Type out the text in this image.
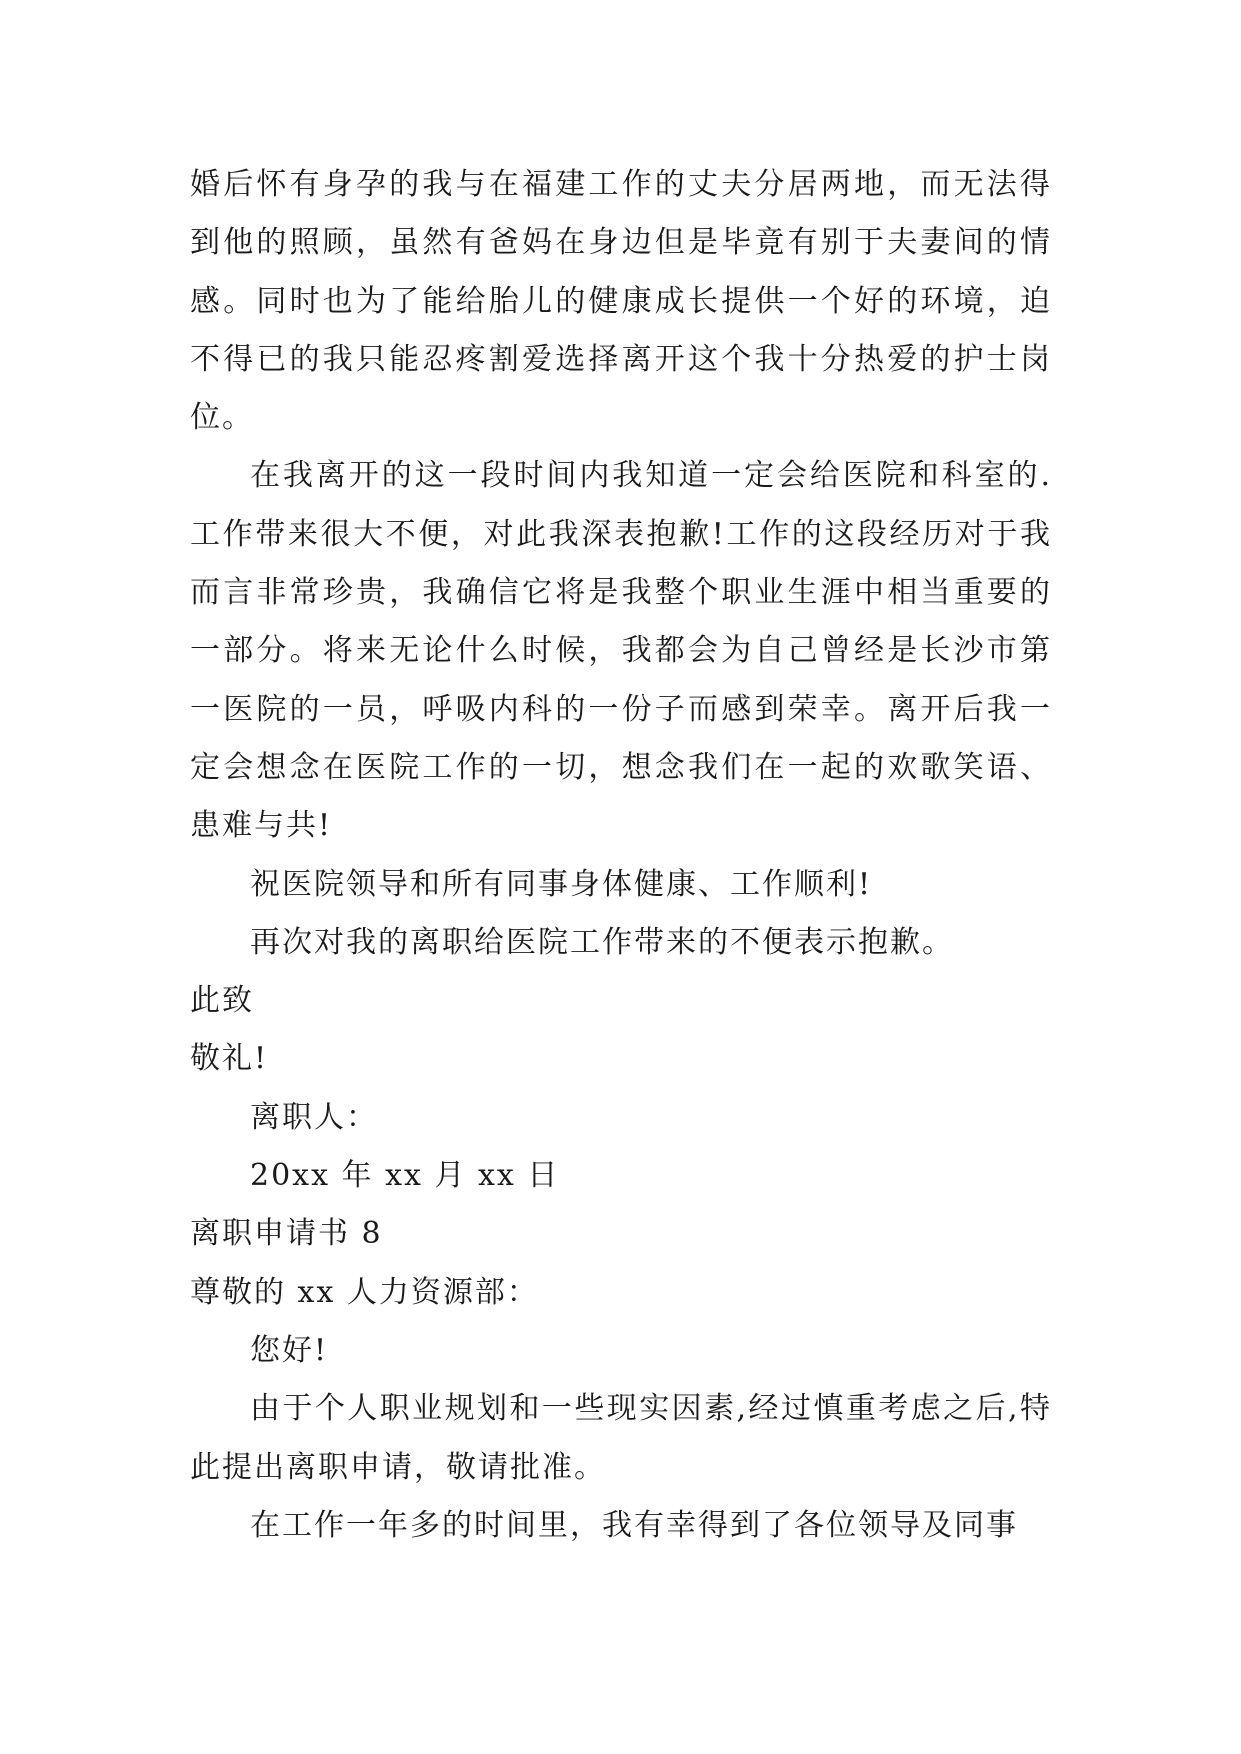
婚后怀有身孕的我与在福建工作的丈夫分居两地，而无法得到他的照顾，虽然有爸妈在身边但是毕竟有别于夫妻间的情感。同时也为了能给胎儿的健康成长提供一个好的环境，迫不得已的我只能忍疼割爱选择离开这个我十分热爱的护士岗位。

在我离开的这一段时间内我知道一定会给医院和科室的.工作带来很大不便，对此我深表抱歉!工作的这段经历对于我而言非常珍贵，我确信它将是我整个职业生涯中相当重要的一部分。将来无论什么时候，我都会为自己曾经是长沙市第一医院的一员，呼吸内科的一份子而感到荣幸。离开后我一定会想念在医院工作的一切，想念我们在一起的欢歌笑语、患难与共!

祝医院领导和所有同事身体健康、工作顺利!

再次对我的离职给医院工作带来的不便表示抱歉。

此致

敬礼!

离职人：

20xx 年 xx 月 xx 日

离职申请书 8

尊敬的 xx 人力资源部：

您好!

由于个人职业规划和一些现实因素,经过慎重考虑之后,特此提出离职申请，敬请批准。

在工作一年多的时间里，我有幸得到了各位领导及同事
